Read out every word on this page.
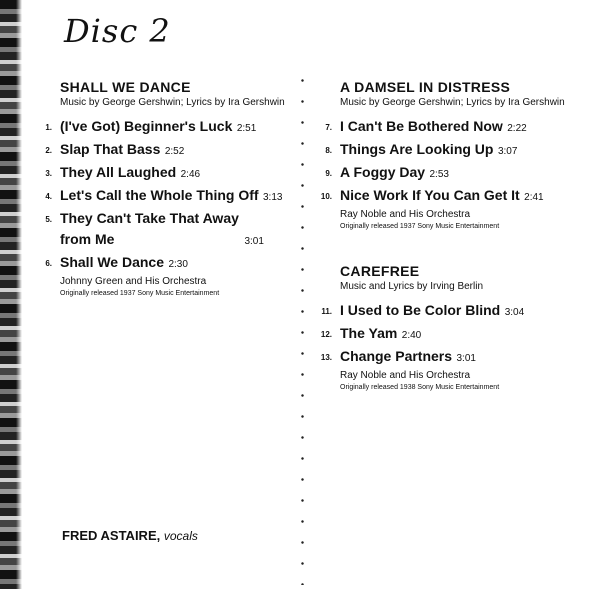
Disc 2
SHALL WE DANCE

Music by George Gershwin; Lyrics by Ira Gershwin

1. (I've Got) Beginner's Luck 2:51
2. Slap That Bass 2:52
3. They All Laughed 2:46
4. Let's Call the Whole Thing Off 3:13
5. They Can't Take That Away from Me	3:01
6. Shall We Dance 2:30

Johnny Green and His Orchestra

Originally released 1937 Sony Music Entertainment

A DAMSEL IN DISTRESS

Music by George Gershwin; Lyrics by Ira Gershwin

7. I Can't Be Bothered Now 2:22
8. Things Are Looking Up 3:07
9. A Foggy Day 2:53
10. Nice Work If You Can Get It 2:41

Ray Noble and His Orchestra

Originally released 1937 Sony Music Entertainment

CAREFREE

Music and Lyrics by Irving Berlin

11. I Used to Be Color Blind 3:04
12. The Yam 2:40
13. Change Partners 3:01

Ray Noble and His Orchestra

Originally released 1938 Sony Music Entertainment

FRED ASTAIRE, vocals
